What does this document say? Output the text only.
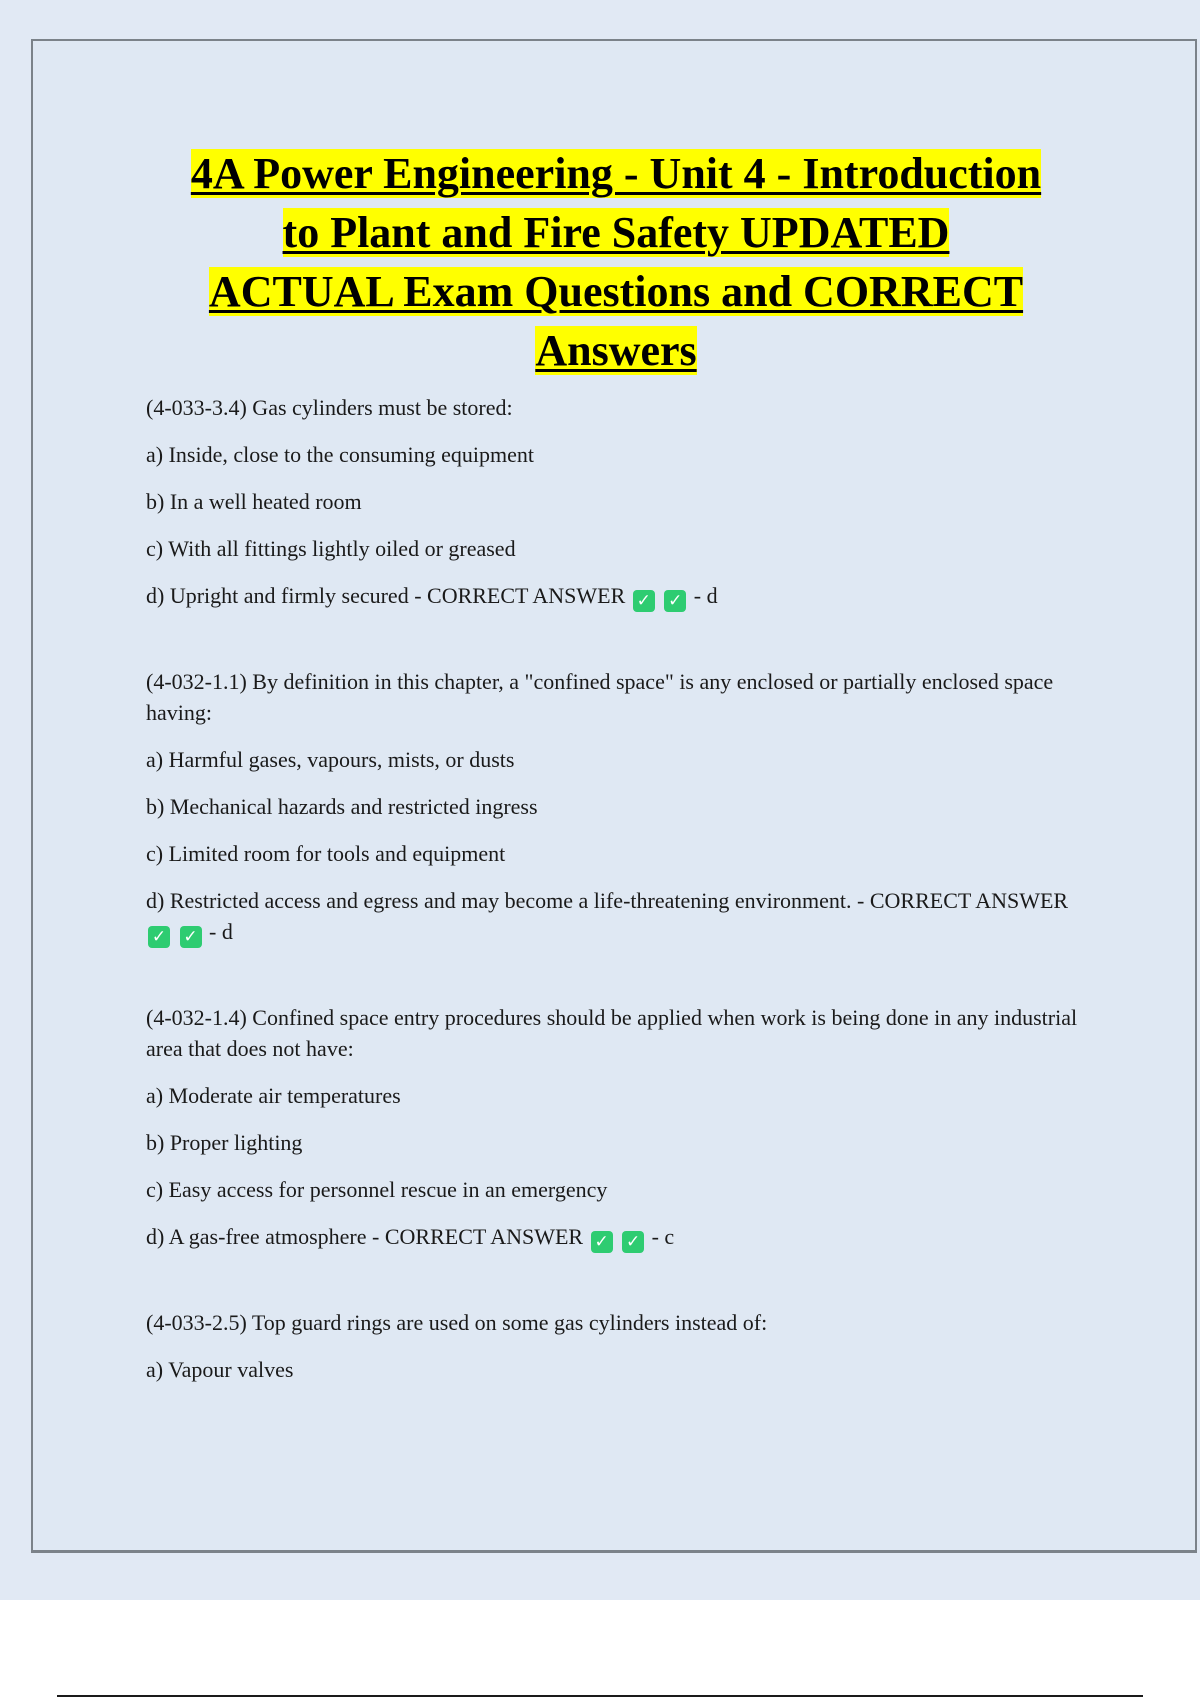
4A Power Engineering - Unit 4 - Introduction
to Plant and Fire Safety UPDATED
ACTUAL Exam Questions and CORRECT
Answers

(4-033-3.4) Gas cylinders must be stored:

a) Inside, close to the consuming equipment

b) In a well heated room

c) With all fittings lightly oiled or greased

d) Upright and firmly secured - CORRECT ANSWER ✓ ✓ - d

(4-032-1.1) By definition in this chapter, a "confined space" is any enclosed or partially enclosed space having:

a) Harmful gases, vapours, mists, or dusts

b) Mechanical hazards and restricted ingress

c) Limited room for tools and equipment

d) Restricted access and egress and may become a life-threatening environment. - CORRECT ANSWER ✓ ✓ - d

(4-032-1.4) Confined space entry procedures should be applied when work is being done in any industrial area that does not have:

a) Moderate air temperatures

b) Proper lighting

c) Easy access for personnel rescue in an emergency

d) A gas-free atmosphere - CORRECT ANSWER ✓ ✓ - c

(4-033-2.5) Top guard rings are used on some gas cylinders instead of:

a) Vapour valves
